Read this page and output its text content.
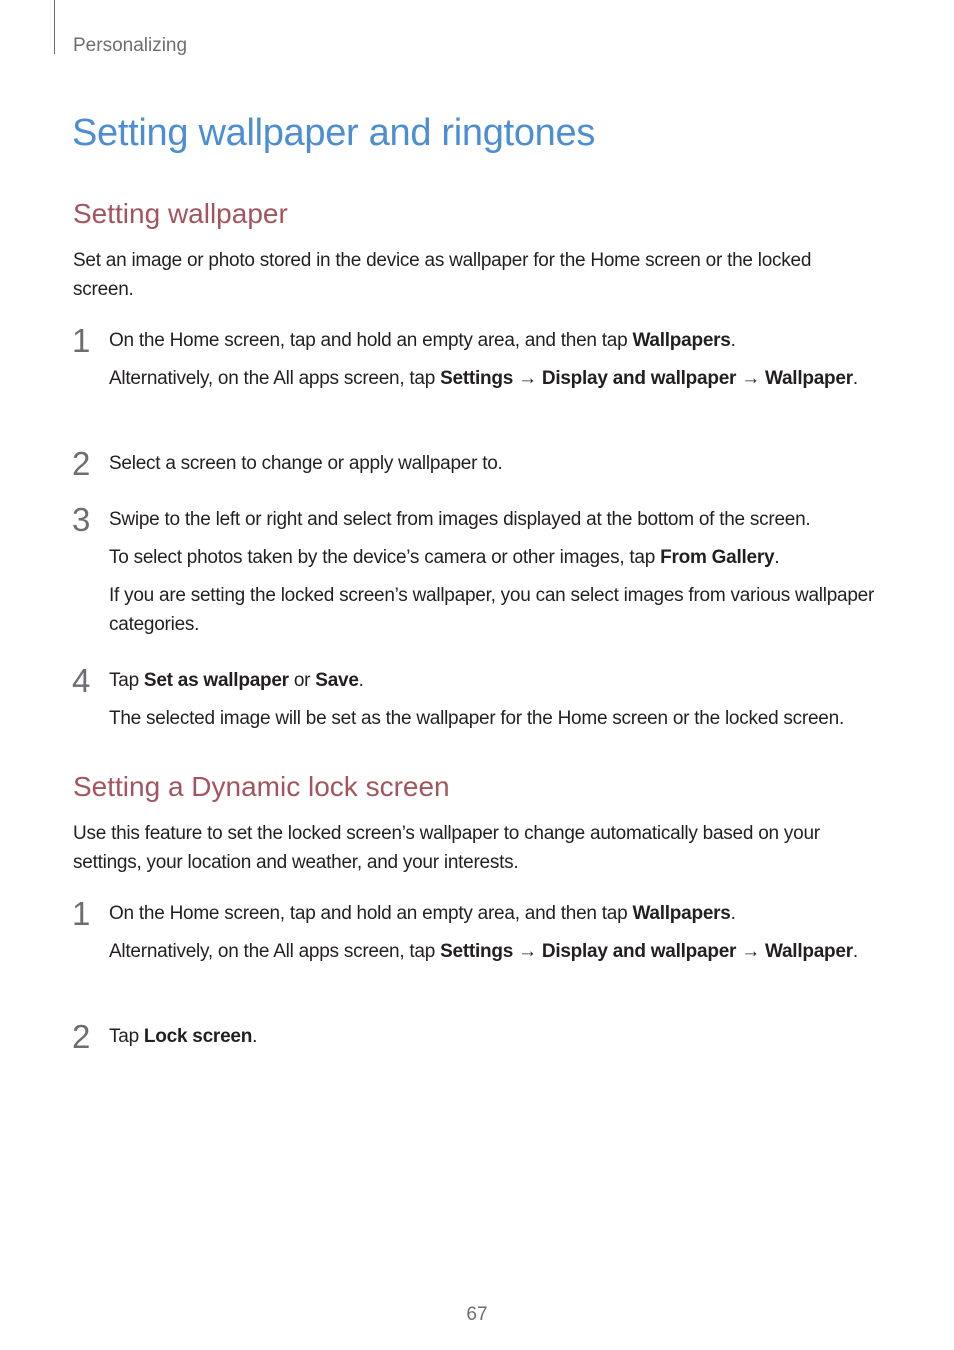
Personalizing
Setting wallpaper and ringtones
Setting wallpaper

Set an image or photo stored in the device as wallpaper for the Home screen or the locked screen.

1 On the Home screen, tap and hold an empty area, and then tap Wallpapers.

Alternatively, on the All apps screen, tap Settings → Display and wallpaper → Wallpaper.

2 Select a screen to change or apply wallpaper to.

3 Swipe to the left or right and select from images displayed at the bottom of the screen.

To select photos taken by the device’s camera or other images, tap From Gallery.

If you are setting the locked screen’s wallpaper, you can select images from various wallpaper categories.

4 Tap Set as wallpaper or Save.

The selected image will be set as the wallpaper for the Home screen or the locked screen.

Setting a Dynamic lock screen

Use this feature to set the locked screen’s wallpaper to change automatically based on your settings, your location and weather, and your interests.

1 On the Home screen, tap and hold an empty area, and then tap Wallpapers.

Alternatively, on the All apps screen, tap Settings → Display and wallpaper → Wallpaper.

2 Tap Lock screen.

67
